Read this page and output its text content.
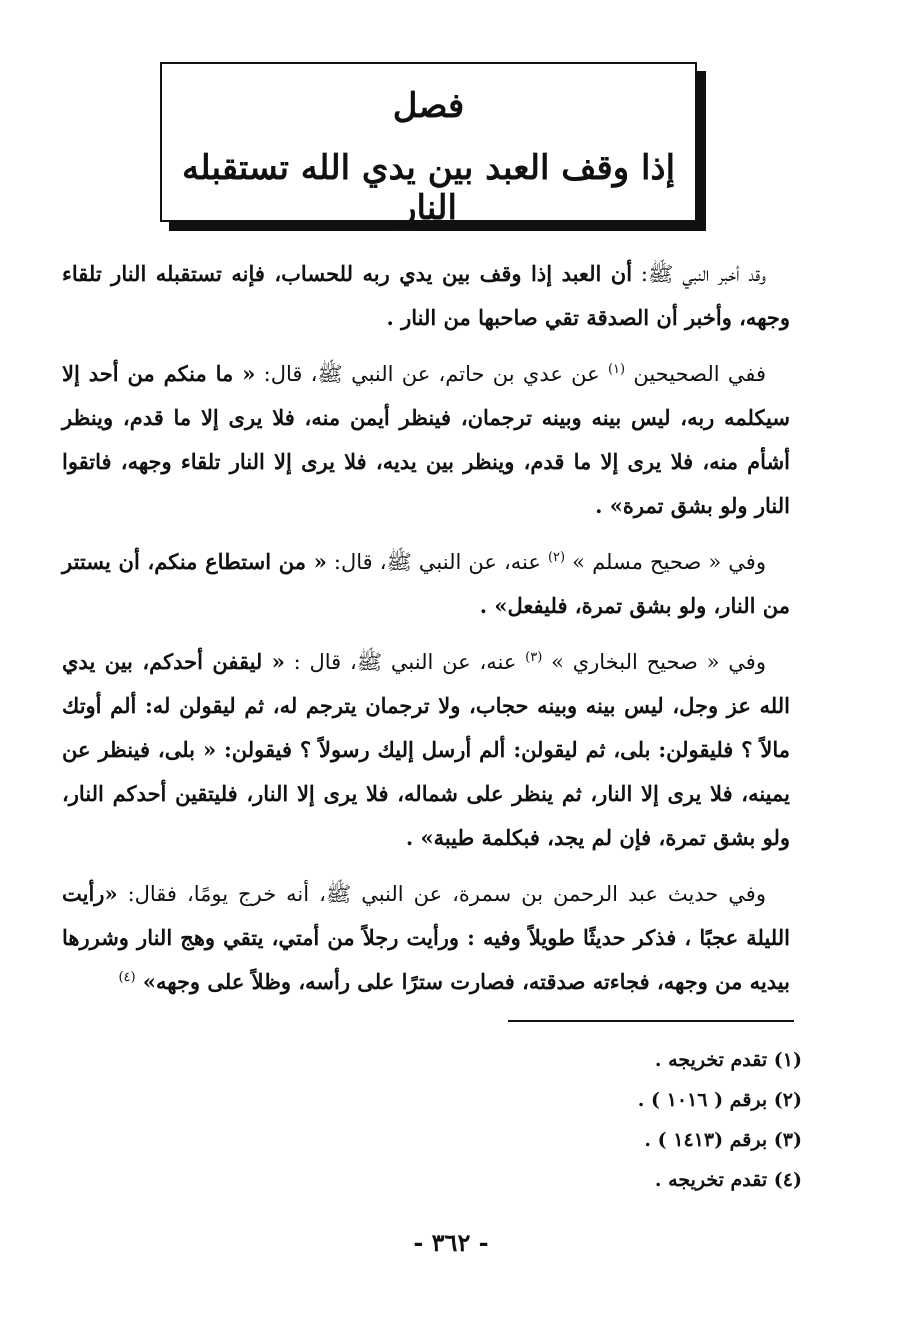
فصل
إذا وقف العبد بين يدي الله تستقبله النار

وقد أخبر النبي ﷺ: أن العبد إذا وقف بين يدي ربه للحساب، فإنه تستقبله النار تلقاء وجهه، وأخبر أن الصدقة تقي صاحبها من النار .

ففي الصحيحين $^{(١)}$ عن عدي بن حاتم، عن النبي ﷺ، قال: « ما منكم من أحد إلا سيكلمه ربه، ليس بينه وبينه ترجمان، فينظر أيمن منه، فلا يرى إلا ما قدم، وينظر أشأم منه، فلا يرى إلا ما قدم، وينظر بين يديه، فلا يرى إلا النار تلقاء وجهه، فاتقوا النار ولو بشق تمرة» .

وفي « صحيح مسلم » $^{(٢)}$ عنه، عن النبي ﷺ، قال: « من استطاع منكم، أن يستتر من النار، ولو بشق تمرة، فليفعل» .

وفي « صحيح البخاري » $^{(٣)}$ عنه، عن النبي ﷺ، قال : « ليقفن أحدكم، بين يدي الله عز وجل، ليس بينه وبينه حجاب، ولا ترجمان يترجم له، ثم ليقولن له: ألم أوتك مالاً ؟ فليقولن: بلى، ثم ليقولن: ألم أرسل إليك رسولاً ؟ فيقولن: « بلى، فينظر عن يمينه، فلا يرى إلا النار، ثم ينظر على شماله، فلا يرى إلا النار، فليتقين أحدكم النار، ولو بشق تمرة، فإن لم يجد، فبكلمة طيبة» .

وفي حديث عبد الرحمن بن سمرة، عن النبي ﷺ، أنه خرج يومًا، فقال: «رأيت الليلة عجبًا ، فذكر حديثًا طويلاً وفيه : ورأيت رجلاً من أمتي، يتقي وهج النار وشررها بيديه من وجهه، فجاءته صدقته، فصارت سترًا على رأسه، وظلاً على وجهه» $^{(٤)}$

(١) تقدم تخريجه .
(٢) برقم ( ١٠١٦ ) .
(٣) برقم (١٤١٣ ) .
(٤) تقدم تخريجه .
- ٣٦٢ -
